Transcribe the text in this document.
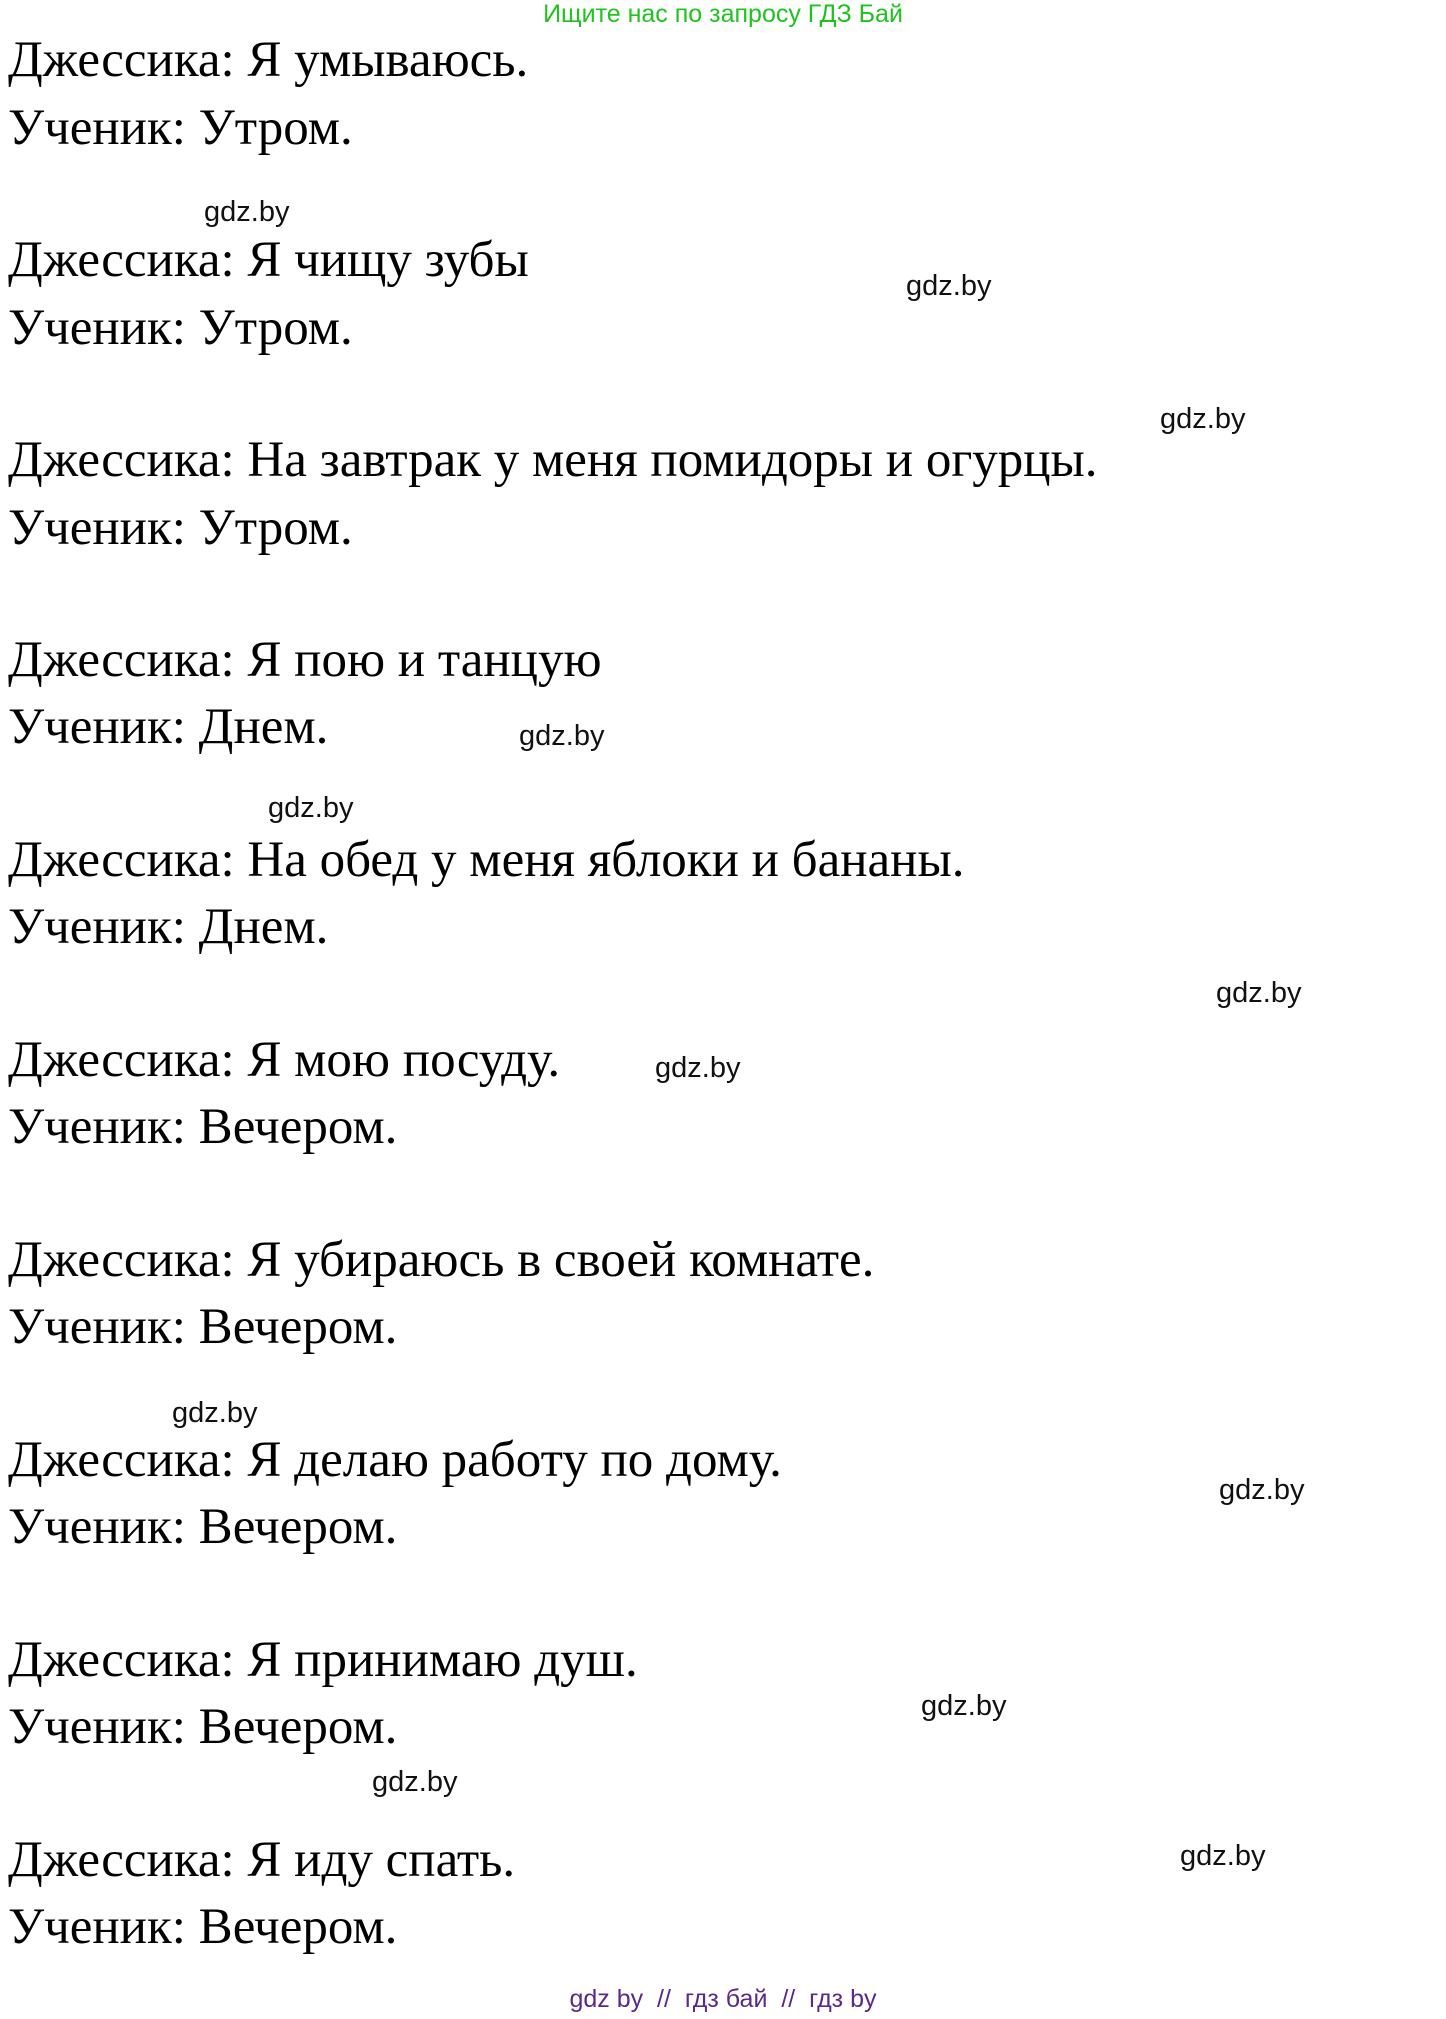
Ищите нас по запросу ГДЗ Бай
Джессика: Я умываюсь.
Ученик: Утром.
Джессика: Я чищу зубы
Ученик: Утром.
Джессика: На завтрак у меня помидоры и огурцы.
Ученик: Утром.
Джессика: Я пою и танцую
Ученик: Днем.
Джессика: На обед у меня яблоки и бананы.
Ученик: Днем.
Джессика: Я мою посуду.
Ученик: Вечером.
Джессика: Я убираюсь в своей комнате.
Ученик: Вечером.
Джессика: Я делаю работу по дому.
Ученик: Вечером.
Джессика: Я принимаю душ.
Ученик: Вечером.
Джессика: Я иду спать.
Ученик: Вечером.
gdz.by
gdz.by
gdz.by
gdz.by
gdz.by
gdz.by
gdz.by
gdz.by
gdz.by
gdz.by
gdz.by
gdz.by
gdz by  //  гдз бай  //  гдз by
